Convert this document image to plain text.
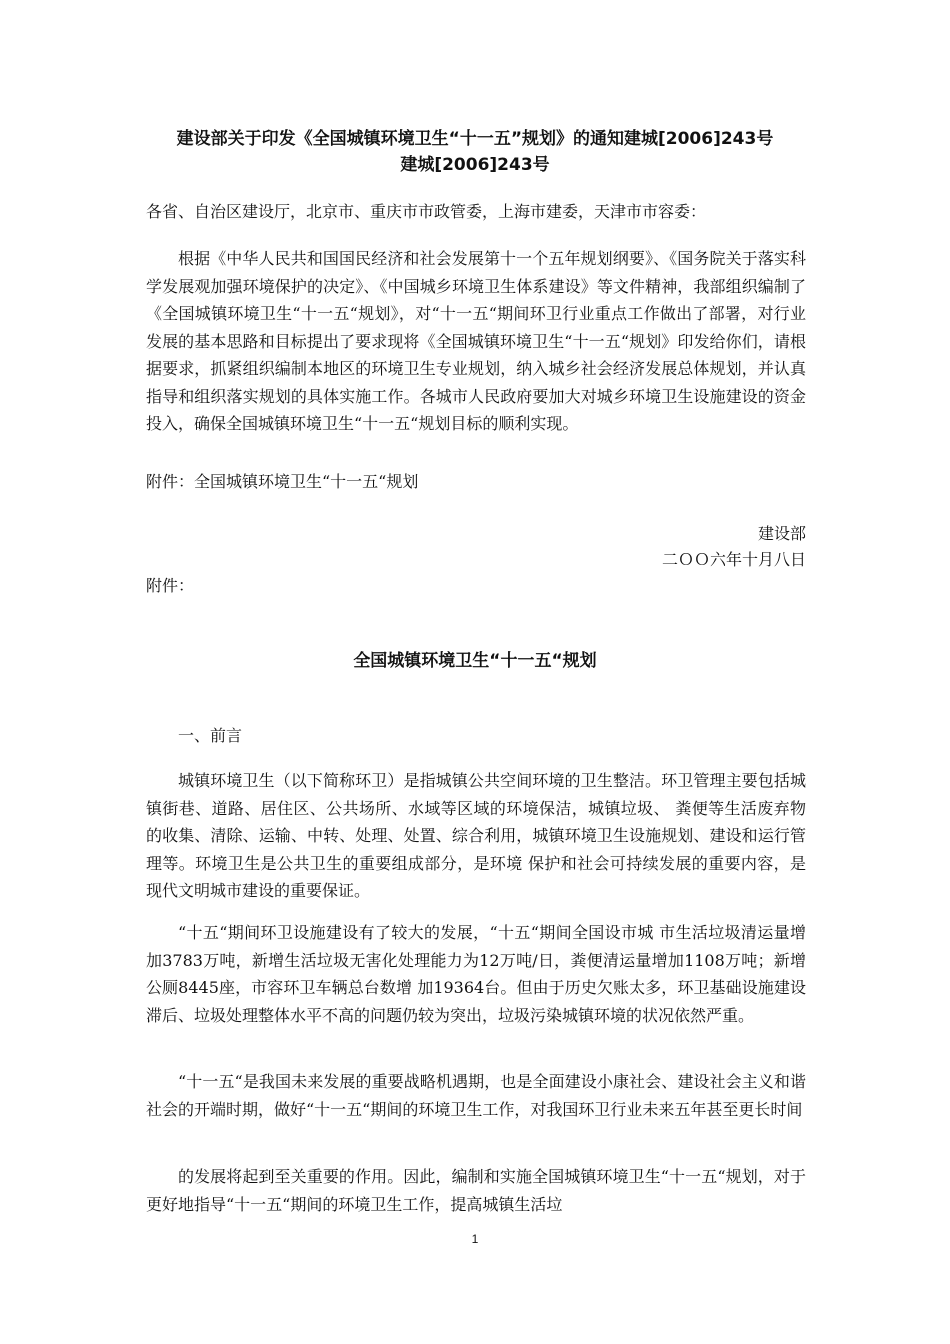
建设部关于印发《全国城镇环境卫生“十一五”规划》的通知建城[2006]243号

建城[2006]243号

各省、自治区建设厅，北京市、重庆市市政管委，上海市建委，天津市市容委：

根据《中华人民共和国国民经济和社会发展第十一个五年规划纲要》、《国务院关于落实科学发展观加强环境保护的决定》、《中国城乡环境卫生体系建设》等文件精神，我部组织编制了《全国城镇环境卫生“十一五“规划》，对“十一五“期间环卫行业重点工作做出了部署，对行业发展的基本思路和目标提出了要求现将《全国城镇环境卫生“十一五“规划》印发给你们，请根据要求，抓紧组织编制本地区的环境卫生专业规划，纳入城乡社会经济发展总体规划，并认真指导和组织落实规划的具体实施工作。各城市人民政府要加大对城乡环境卫生设施建设的资金投入，确保全国城镇环境卫生“十一五“规划目标的顺利实现。

附件：全国城镇环境卫生“十一五“规划

建设部

二ＯＯ六年十月八日

附件：

全国城镇环境卫生“十一五“规划

一、前言

城镇环境卫生（以下简称环卫）是指城镇公共空间环境的卫生整洁。环卫管理主要包括城镇街巷、道路、居住区、公共场所、水域等区域的环境保洁，城镇垃圾、 粪便等生活废弃物的收集、清除、运输、中转、处理、处置、综合利用，城镇环境卫生设施规划、建设和运行管理等。环境卫生是公共卫生的重要组成部分，是环境 保护和社会可持续发展的重要内容，是现代文明城市建设的重要保证。

“十五“期间环卫设施建设有了较大的发展，“十五“期间全国设市城 市生活垃圾清运量增加3783万吨，新增生活垃圾无害化处理能力为12万吨/日，粪便清运量增加1108万吨；新增公厕8445座，市容环卫车辆总台数增 加19364台。但由于历史欠账太多，环卫基础设施建设滞后、垃圾处理整体水平不高的问题仍较为突出，垃圾污染城镇环境的状况依然严重。

“十一五“是我国未来发展的重要战略机遇期，也是全面建设小康社会、建设社会主义和谐社会的开端时期，做好“十一五“期间的环境卫生工作，对我国环卫行业未来五年甚至更长时间

的发展将起到至关重要的作用。因此，编制和实施全国城镇环境卫生“十一五“规划，对于更好地指导“十一五“期间的环境卫生工作，提高城镇生活垃

1
